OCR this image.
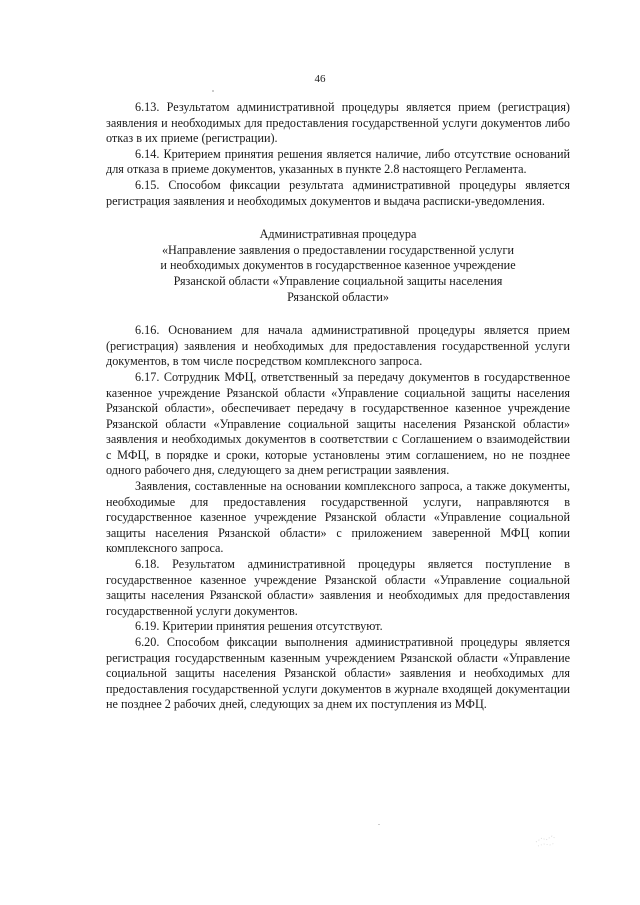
46

6.13. Результатом административной процедуры является прием (регистрация) заявления и необходимых для предоставления государственной услуги документов либо отказ в их приеме (регистрации).

6.14. Критерием принятия решения является наличие, либо отсутствие оснований для отказа в приеме документов, указанных в пункте 2.8 настоящего Регламента.

6.15. Способом фиксации результата административной процедуры является регистрация заявления и необходимых документов и выдача расписки-уведомления.

Административная процедура
«Направление заявления о предоставлении государственной услуги
и необходимых документов в государственное казенное учреждение
Рязанской области «Управление социальной защиты населения
Рязанской области»

6.16. Основанием для начала административной процедуры является прием (регистрация) заявления и необходимых для предоставления государственной услуги документов, в том числе посредством комплексного запроса.

6.17. Сотрудник МФЦ, ответственный за передачу документов в государственное казенное учреждение Рязанской области «Управление социальной защиты населения Рязанской области», обеспечивает передачу в государственное казенное учреждение Рязанской области «Управление социальной защиты населения Рязанской области» заявления и необходимых документов в соответствии с Соглашением о взаимодействии с МФЦ, в порядке и сроки, которые установлены этим соглашением, но не позднее одного рабочего дня, следующего за днем регистрации заявления.

Заявления, составленные на основании комплексного запроса, а также документы, необходимые для предоставления государственной услуги, направляются в государственное казенное учреждение Рязанской области «Управление социальной защиты населения Рязанской области» с приложением заверенной МФЦ копии комплексного запроса.

6.18. Результатом административной процедуры является поступление в государственное казенное учреждение Рязанской области «Управление социальной защиты населения Рязанской области» заявления и необходимых для предоставления государственной услуги документов.

6.19. Критерии принятия решения отсутствуют.

6.20. Способом фиксации выполнения административной процедуры является регистрация государственным казенным учреждением Рязанской области «Управление социальной защиты населения Рязанской области» заявления и необходимых для предоставления государственной услуги документов в журнале входящей документации не позднее 2 рабочих дней, следующих за днем их поступления из МФЦ.
